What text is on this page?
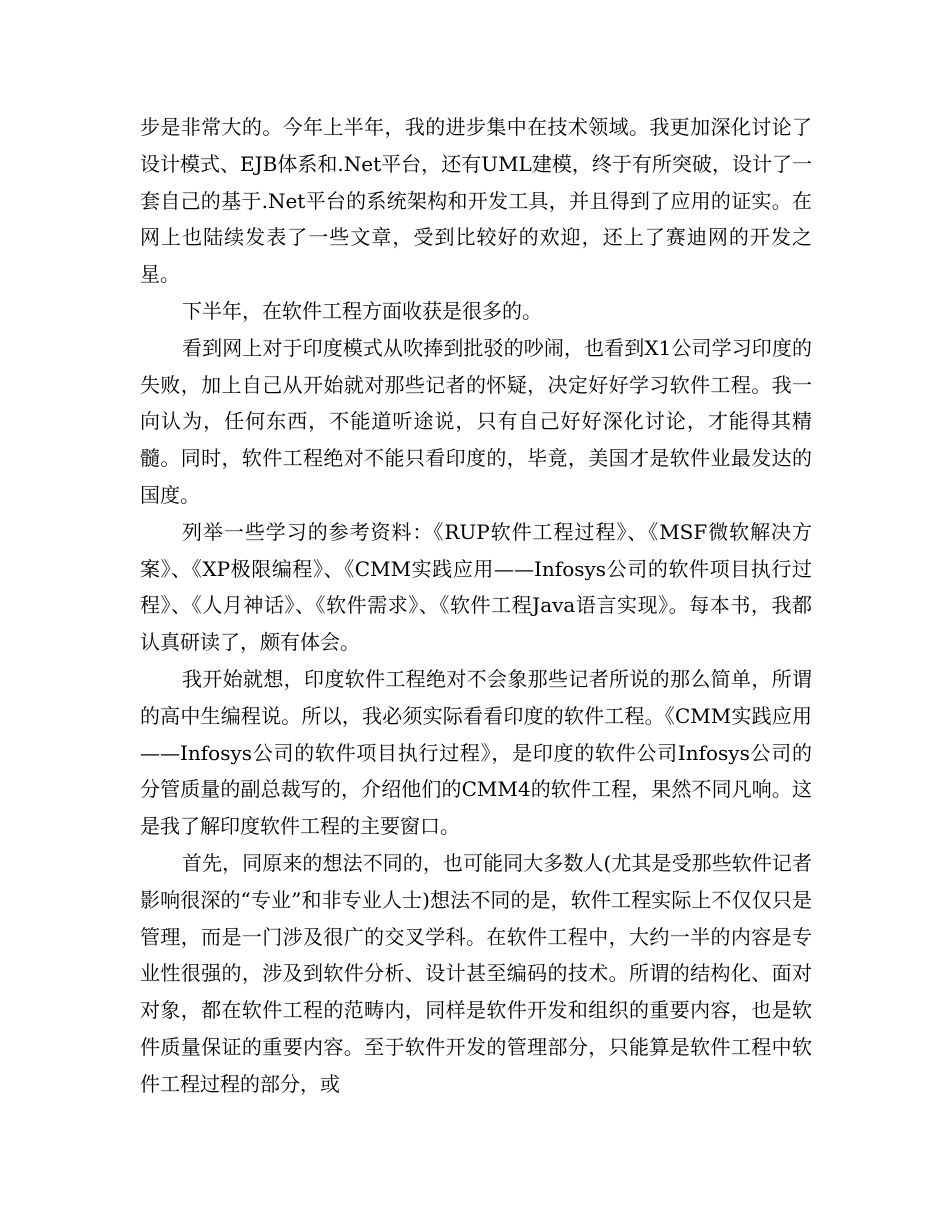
步是非常大的。今年上半年，我的进步集中在技术领域。我更加深化讨论了设计模式、EJB体系和.Net平台，还有UML建模，终于有所突破，设计了一套自己的基于.Net平台的系统架构和开发工具，并且得到了应用的证实。在网上也陆续发表了一些文章，受到比较好的欢迎，还上了赛迪网的开发之星。

下半年，在软件工程方面收获是很多的。

看到网上对于印度模式从吹捧到批驳的吵闹，也看到X1公司学习印度的失败，加上自己从开始就对那些记者的怀疑，决定好好学习软件工程。我一向认为，任何东西，不能道听途说，只有自己好好深化讨论，才能得其精髓。同时，软件工程绝对不能只看印度的，毕竟，美国才是软件业最发达的国度。

列举一些学习的参考资料：《RUP软件工程过程》、《MSF微软解决方案》、《XP极限编程》、《CMM实践应用——Infosys公司的软件项目执行过程》、《人月神话》、《软件需求》、《软件工程Java语言实现》。每本书，我都认真研读了，颇有体会。

我开始就想，印度软件工程绝对不会象那些记者所说的那么简单，所谓的高中生编程说。所以，我必须实际看看印度的软件工程。《CMM实践应用——Infosys公司的软件项目执行过程》，是印度的软件公司Infosys公司的分管质量的副总裁写的，介绍他们的CMM4的软件工程，果然不同凡响。这是我了解印度软件工程的主要窗口。

首先，同原来的想法不同的，也可能同大多数人(尤其是受那些软件记者影响很深的“专业”和非专业人士)想法不同的是，软件工程实际上不仅仅只是管理，而是一门涉及很广的交叉学科。在软件工程中，大约一半的内容是专业性很强的，涉及到软件分析、设计甚至编码的技术。所谓的结构化、面对对象，都在软件工程的范畴内，同样是软件开发和组织的重要内容，也是软件质量保证的重要内容。至于软件开发的管理部分，只能算是软件工程中软件工程过程的部分，或
